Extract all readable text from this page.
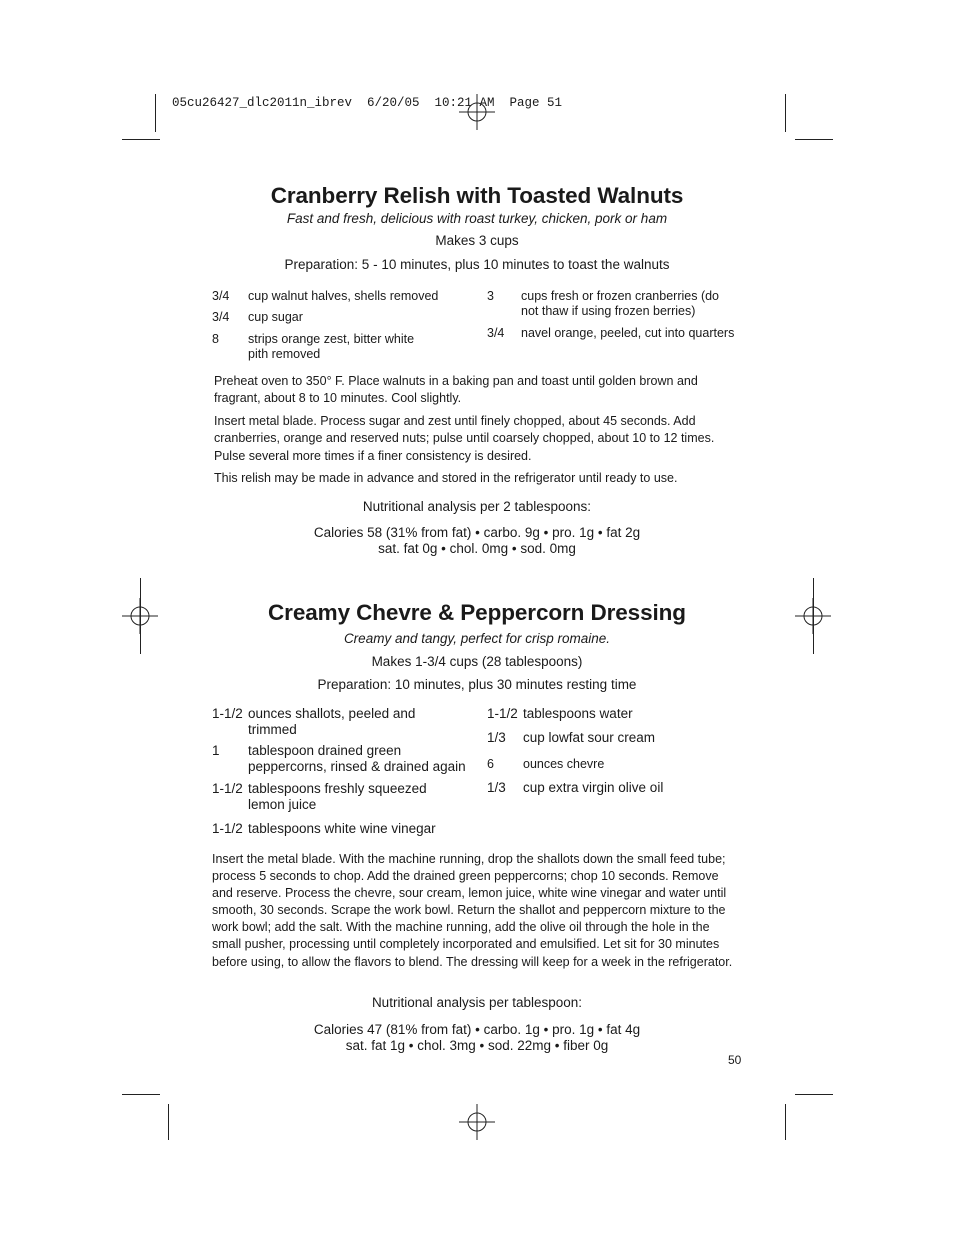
05cu26427_dlc2011n_ibrev  6/20/05  10:21 AM  Page 51
Cranberry Relish with Toasted Walnuts
Fast and fresh, delicious with roast turkey, chicken, pork or ham
Makes 3 cups
Preparation: 5 - 10 minutes, plus 10 minutes to toast the walnuts
3/4 cup walnut halves, shells removed
3/4 cup sugar
8 strips orange zest, bitter white pith removed
3 cups fresh or frozen cranberries (do not thaw if using frozen berries)
3/4 navel orange, peeled, cut into quarters

Preheat oven to 350° F. Place walnuts in a baking pan and toast until golden brown and fragrant, about 8 to 10 minutes. Cool slightly.

Insert metal blade. Process sugar and zest until finely chopped, about 45 seconds. Add cranberries, orange and reserved nuts; pulse until coarsely chopped, about 10 to 12 times. Pulse several more times if a finer consistency is desired.

This relish may be made in advance and stored in the refrigerator until ready to use.

Nutritional analysis per 2 tablespoons:
Calories 58 (31% from fat) • carbo. 9g • pro. 1g • fat 2g
sat. fat 0g • chol. 0mg • sod. 0mg
Creamy Chevre & Peppercorn Dressing
Creamy and tangy, perfect for crisp romaine.
Makes 1-3/4 cups (28 tablespoons)
Preparation: 10 minutes, plus 30 minutes resting time
1-1/2 ounces shallots, peeled and trimmed
1 tablespoon drained green peppercorns, rinsed & drained again
1-1/2 tablespoons freshly squeezed lemon juice
1-1/2 tablespoons white wine vinegar
1-1/2 tablespoons water
1/3 cup lowfat sour cream
6 ounces chevre
1/3 cup extra virgin olive oil

Insert the metal blade. With the machine running, drop the shallots down the small feed tube; process 5 seconds to chop. Add the drained green peppercorns; chop 10 seconds. Remove and reserve. Process the chevre, sour cream, lemon juice, white wine vinegar and water until smooth, 30 seconds. Scrape the work bowl. Return the shallot and peppercorn mixture to the work bowl; add the salt. With the machine running, add the olive oil through the hole in the small pusher, processing until completely incorporated and emulsified. Let sit for 30 minutes before using, to allow the flavors to blend. The dressing will keep for a week in the refrigerator.

Nutritional analysis per tablespoon:
Calories 47 (81% from fat) • carbo. 1g • pro. 1g • fat 4g
sat. fat 1g • chol. 3mg • sod. 22mg • fiber 0g
50
